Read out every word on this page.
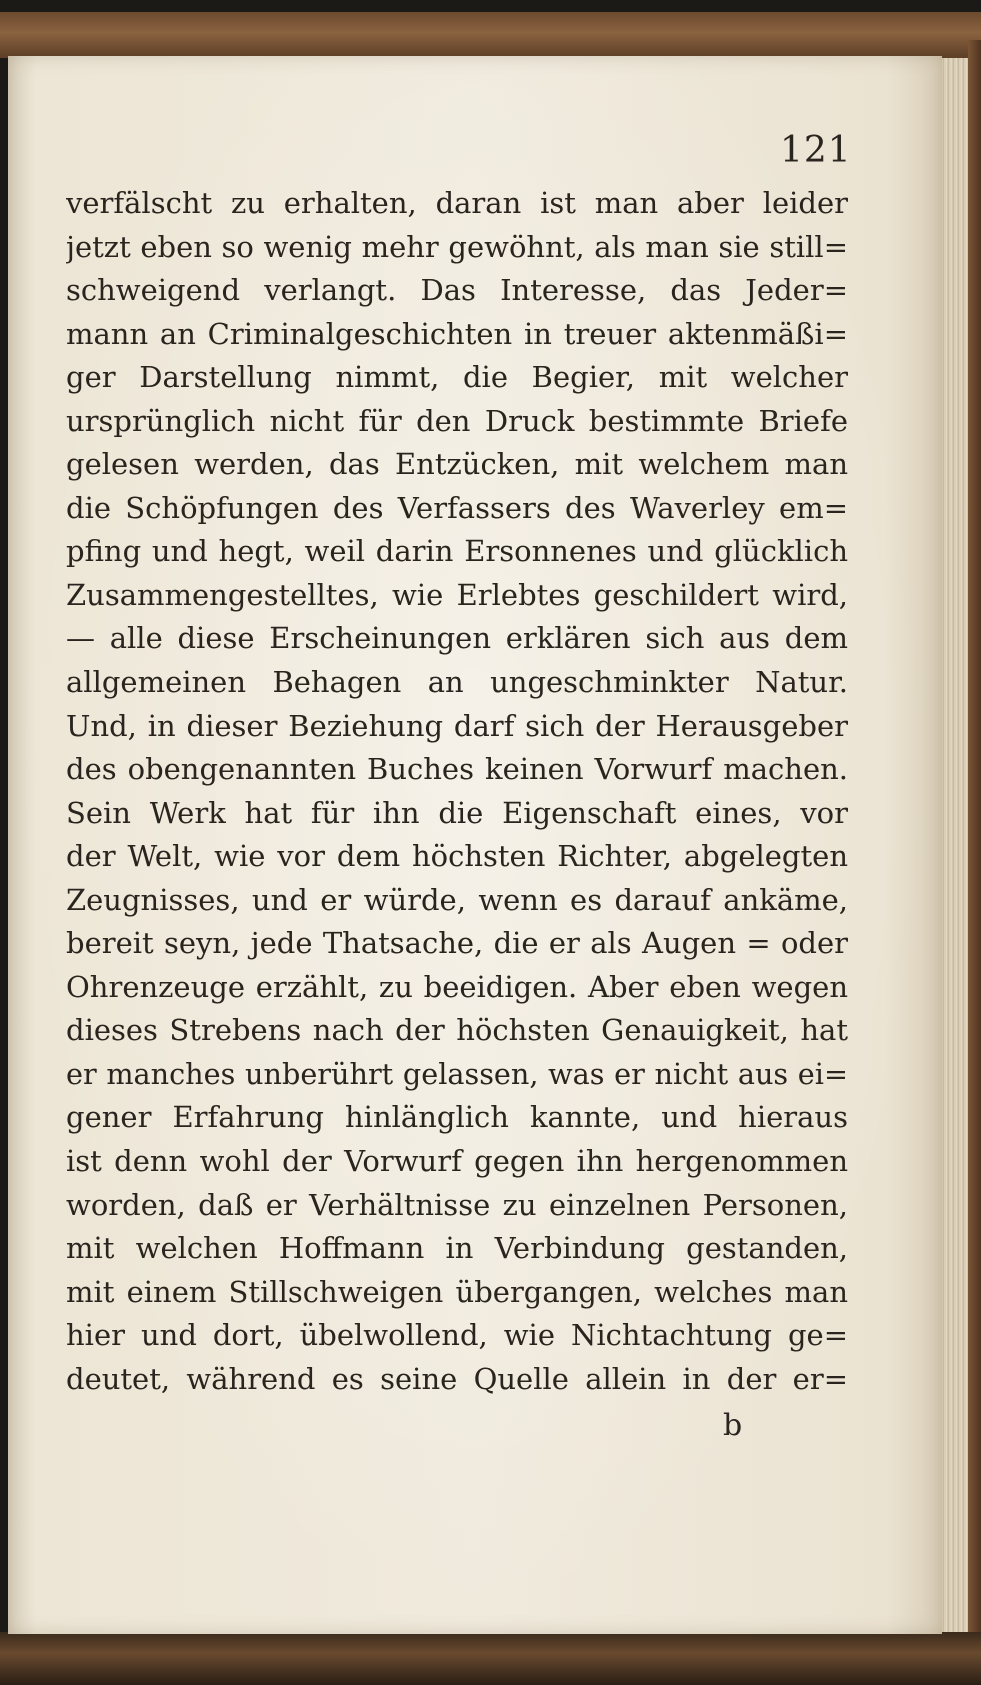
121
verfälscht zu erhalten, daran ist man aber leider
jetzt eben so wenig mehr gewöhnt, als man sie still=
schweigend verlangt. Das Interesse, das Jeder=
mann an Criminalgeschichten in treuer aktenmäßi=
ger Darstellung nimmt, die Begier, mit welcher
ursprünglich nicht für den Druck bestimmte Briefe
gelesen werden, das Entzücken, mit welchem man
die Schöpfungen des Verfassers des Waverley em=
pfing und hegt, weil darin Ersonnenes und glücklich
Zusammengestelltes, wie Erlebtes geschildert wird,
— alle diese Erscheinungen erklären sich aus dem
allgemeinen Behagen an ungeschminkter Natur.
Und, in dieser Beziehung darf sich der Herausgeber
des obengenannten Buches keinen Vorwurf machen.
Sein Werk hat für ihn die Eigenschaft eines, vor
der Welt, wie vor dem höchsten Richter, abgelegten
Zeugnisses, und er würde, wenn es darauf ankäme,
bereit seyn, jede Thatsache, die er als Augen = oder
Ohrenzeuge erzählt, zu beeidigen. Aber eben wegen
dieses Strebens nach der höchsten Genauigkeit, hat
er manches unberührt gelassen, was er nicht aus ei=
gener Erfahrung hinlänglich kannte, und hieraus
ist denn wohl der Vorwurf gegen ihn hergenommen
worden, daß er Verhältnisse zu einzelnen Personen,
mit welchen Hoffmann in Verbindung gestanden,
mit einem Stillschweigen übergangen, welches man
hier und dort, übelwollend, wie Nichtachtung ge=
deutet, während es seine Quelle allein in der er=
b
